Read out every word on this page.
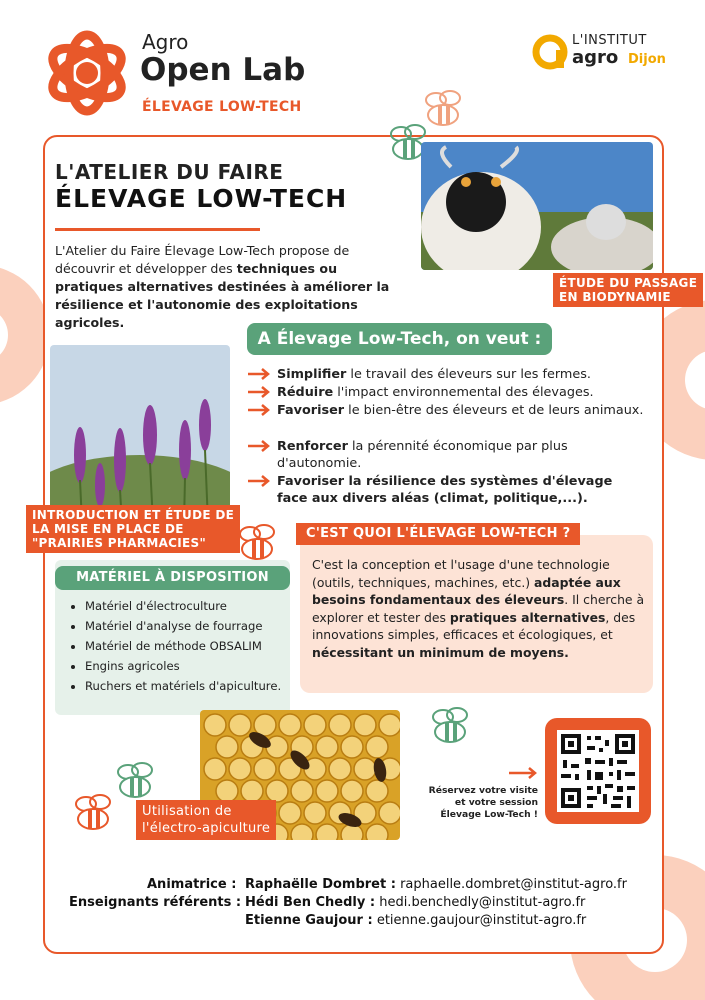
Agro
Open Lab
ÉLEVAGE LOW-TECH
L'INSTITUT
agro Dijon
L'ATELIER DU FAIRE
ÉLEVAGE LOW-TECH
L'Atelier du Faire Élevage Low-Tech propose de découvrir et développer des techniques ou pratiques alternatives destinées à améliorer la résilience et l'autonomie des exploitations agricoles.
ÉTUDE DU PASSAGE
EN BIODYNAMIE
A Élevage Low-Tech, on veut :
Simplifier le travail des éleveurs sur les fermes.
Réduire l'impact environnemental des élevages.
Favoriser le bien-être des éleveurs et de leurs animaux.
Renforcer la pérennité économique par plus d'autonomie.
Favoriser la résilience des systèmes d'élevage face aux divers aléas (climat, politique,...).
INTRODUCTION ET ÉTUDE DE
LA MISE EN PLACE DE
"PRAIRIES PHARMACIES"
C'EST QUOI L'ÉLEVAGE LOW-TECH ?
C'est la conception et l'usage d'une technologie (outils, techniques, machines, etc.) adaptée aux besoins fondamentaux des éleveurs. Il cherche à explorer et tester des pratiques alternatives, des innovations simples, efficaces et écologiques, et nécessitant un minimum de moyens.
MATÉRIEL À DISPOSITION
• Matériel d'électroculture
• Matériel d'analyse de fourrage
• Matériel de méthode OBSALIM
• Engins agricoles
• Ruchers et matériels d'apiculture.
Utilisation de
l'électro-apiculture
Réservez votre visite
et votre session
Élevage Low-Tech !
Animatrice :
Enseignants référents :
Raphaëlle Dombret : raphaelle.dombret@institut-agro.fr
Hédi Ben Chedly : hedi.benchedly@institut-agro.fr
Etienne Gaujour : etienne.gaujour@institut-agro.fr
